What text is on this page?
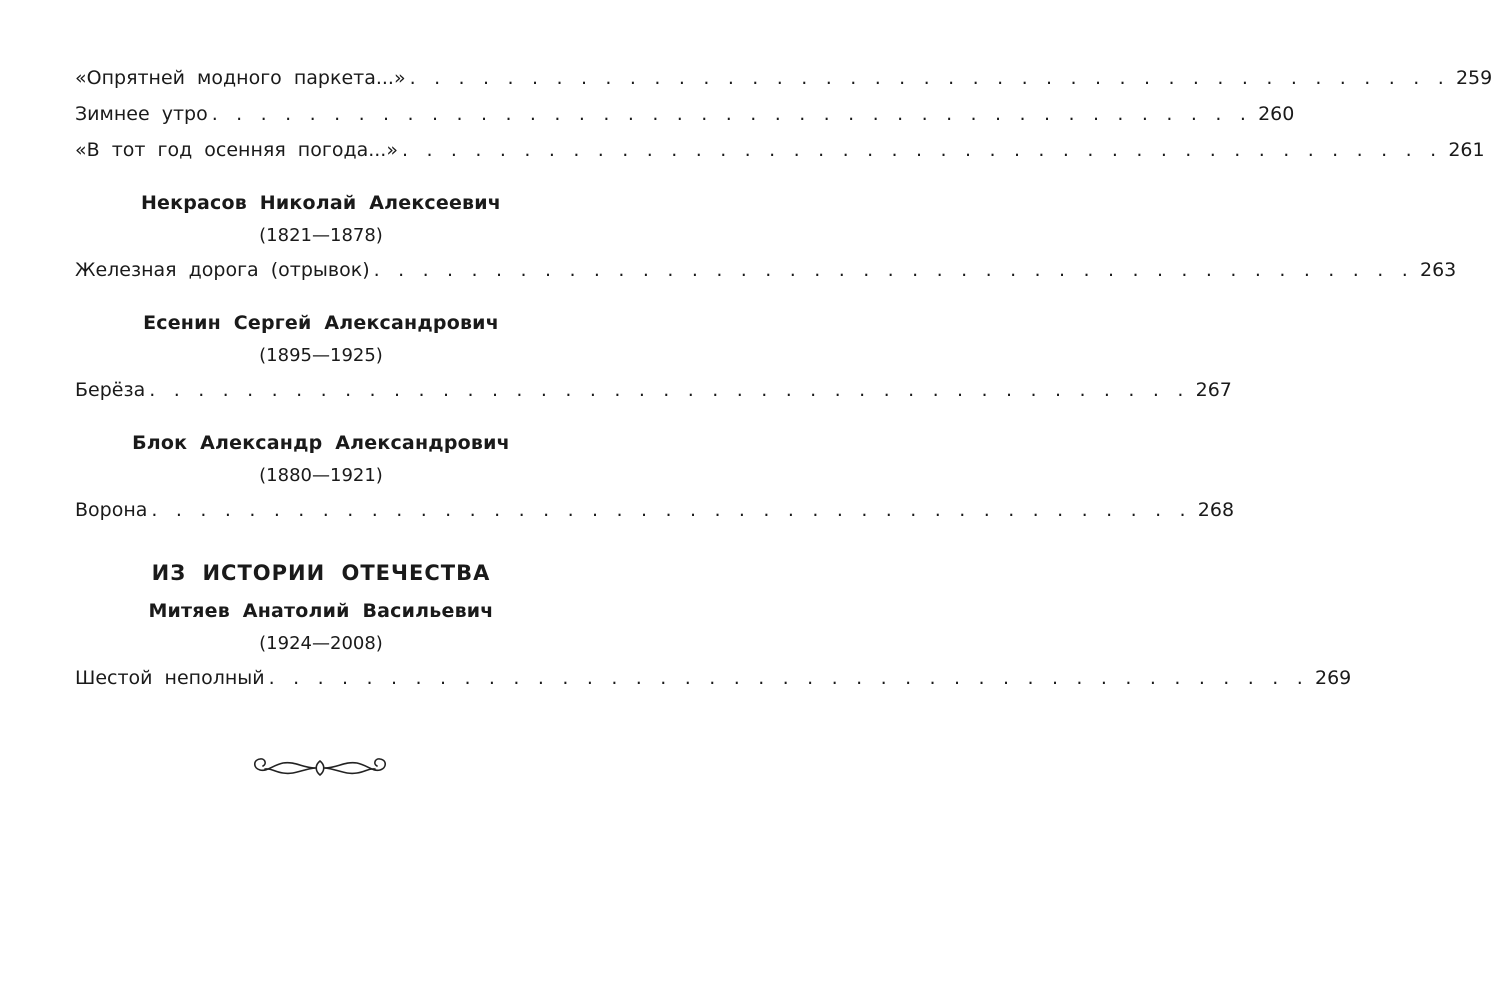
«Опрятней модного паркета...» . . . . . . . . . . . . . . . . . . . . . . . . . . . . . . . . . . . . . . . . . . . 259
Зимнее утро . . . . . . . . . . . . . . . . . . . . . . . . . . . . . . . . . . . . . . . . . . . 260
«В тот год осенняя погода...» . . . . . . . . . . . . . . . . . . . . . . . . . . . . . . . . . . . . . . . . . . . 261
Некрасов Николай Алексеевич
(1821—1878)
Железная дорога (отрывок) . . . . . . . . . . . . . . . . . . . . . . . . . . . . . . . . . . . . . . . . . . . 263
Есенин Сергей Александрович
(1895—1925)
Берёза . . . . . . . . . . . . . . . . . . . . . . . . . . . . . . . . . . . . . . . . . . . 267
Блок Александр Александрович
(1880—1921)
Ворона . . . . . . . . . . . . . . . . . . . . . . . . . . . . . . . . . . . . . . . . . . . 268
ИЗ ИСТОРИИ ОТЕЧЕСТВА
Митяев Анатолий Васильевич
(1924—2008)
Шестой неполный . . . . . . . . . . . . . . . . . . . . . . . . . . . . . . . . . . . . . . . . . . . 269
